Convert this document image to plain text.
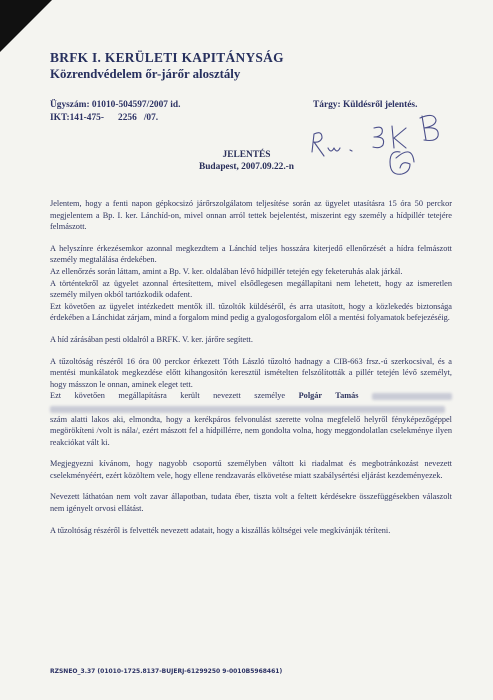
BRFK I. KERÜLETI KAPITÁNYSÁG
Közrendvédelem őr-járőr alosztály
Ügyszám: 01010-504597/2007 id.
IKT:141-475-      2256   /07.
Tárgy: Küldésről jelentés.
Rw. BKK B
JELENTÉS
Budapest, 2007.09.22.-n

Jelentem, hogy a fenti napon gépkocsizó járőrszolgálatom teljesítése során az ügyelet utasításra 15 óra 50 perckor megjelentem a Bp. I. ker. Lánchíd-on, mivel onnan arról tettek bejelentést, miszerint egy személy a hídpillér tetejére felmászott.

A helyszínre érkezésemkor azonnal megkezdtem a Lánchíd teljes hosszára kiterjedő ellenőrzését a hídra felmászott személy megtalálása érdekében.

Az ellenőrzés során láttam, amint a Bp. V. ker. oldalában lévő hídpillér tetején egy feketeruhás alak járkál.

A történtekről az ügyelet azonnal értesítettem, mivel elsődlegesen megállapítani nem lehetett, hogy az ismeretlen személy milyen okból tartózkodik odafent.

Ezt követően az ügyelet intézkedett mentők ill. tűzoltók küldéséről, és arra utasított, hogy a közlekedés biztonsága érdekében a Lánchidat zárjam, mind a forgalom mind pedig a gyalogosforgalom elől a mentési folyamatok befejezéséig.

A híd zárásában pesti oldalról a BRFK. V. ker. járőre segített.

A tűzoltóság részéről 16 óra 00 perckor érkezett Tóth László tűzoltó hadnagy a CIB-663 frsz.-ú szerkocsival, és a mentési munkálatok megkezdése előtt kihangosítón keresztül ismételten felszólították a pillér tetején lévő személyt, hogy másszon le onnan, aminek eleget tett.

Ezt követően megállapításra került nevezett személye Polgár Tamás   szám alatti lakos aki, elmondta, hogy a kerékpáros felvonulást szerette volna megfelelő helyről fényképezőgéppel megörökíteni /volt is nála/, ezért mászott fel a hídpillérre, nem gondolta volna, hogy meggondolatlan cselekménye ilyen reakciókat vált ki.

Megjegyezni kívánom, hogy nagyobb csoportú személyben váltott ki riadalmat és megbotránkozást nevezett cselekményéért, ezért közöltem vele, hogy ellene rendzavarás elkövetése miatt szabálysértési eljárást kezdeményezek.

Nevezett láthatóan nem volt zavar állapotban, tudata éber, tiszta volt a feltett kérdésekre összefüggésekben válaszolt nem igényelt orvosi ellátást.

A tűzoltóság részéről is felvették nevezett adatait, hogy a kiszállás költségei vele megkívánják téríteni.

RZSNEO_3.37 (01010-1725.8137-BUJERJ-61299250 9-0010B5968461)
